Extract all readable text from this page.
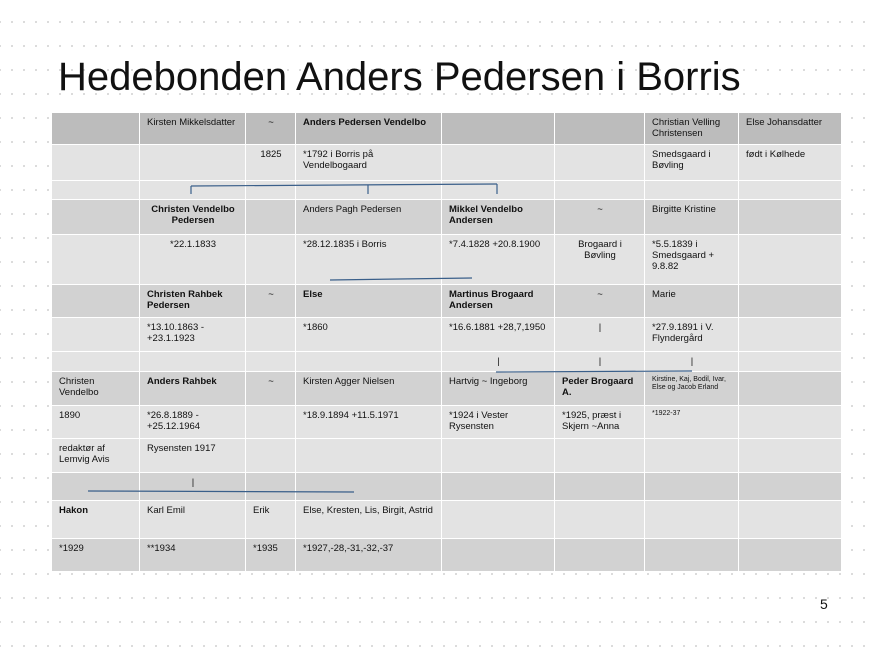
Hedebonden Anders Pedersen i Borris
	Kirsten Mikkelsdatter	~	Anders Pedersen Vendelbo			Christian Velling Christensen	Else Johansdatter
		1825	*1792 i Borris på Vendelbogaard			Smedsgaard i Bøvling	født i Kølhede

	Christen Vendelbo Pedersen		Anders Pagh Pedersen	Mikkel Vendelbo Andersen	~	Birgitte Kristine	
	*22.1.1833		*28.12.1835 i Borris	*7.4.1828 +20.8.1900	Brogaard i Bøvling	*5.5.1839 i Smedsgaard + 9.8.82	
	Christen Rahbek Pedersen	~	Else	Martinus Brogaard Andersen	~	Marie	
	*13.10.1863 - +23.1.1923		*1860	*16.6.1881 +28,7,1950	|	*27.9.1891 i V. Flyndergård	
				|	|	|	
Christen Vendelbo	Anders Rahbek	~	Kirsten Agger Nielsen	Hartvig ~ Ingeborg	Peder Brogaard A.	Kirstine, Kaj, Bodil, Ivar, Else og Jacob Erland	
1890	*26.8.1889 - +25.12.1964		*18.9.1894 +11.5.1971	*1924 i Vester Rysensten	*1925, præst i Skjern ~Anna	*1922-37	
redaktør af Lemvig Avis	Rysensten 1917						
	|						
Hakon	Karl Emil	Erik	Else, Kresten, Lis, Birgit, Astrid				
*1929	**1934	*1935	*1927,-28,-31,-32,-37				
5
